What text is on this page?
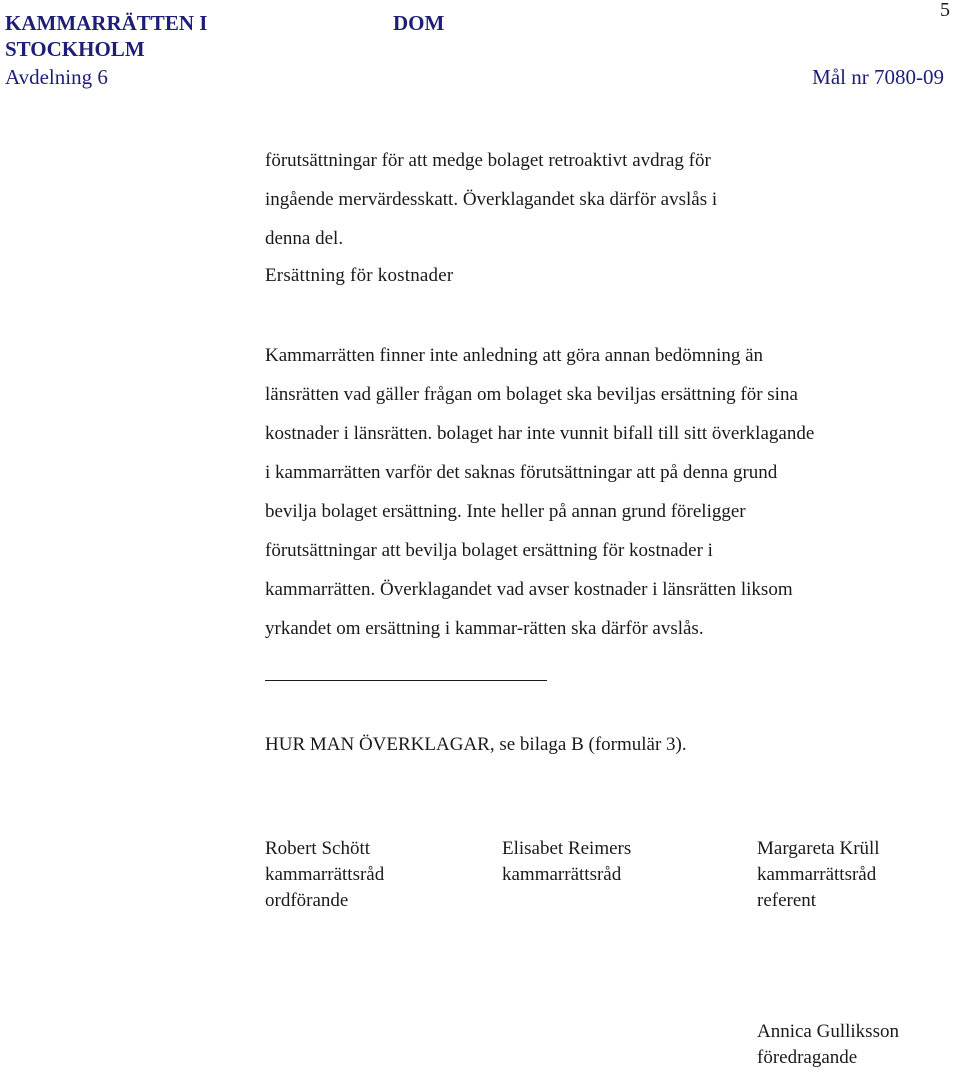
KAMMARRÄTTEN I
STOCKHOLM
DOM
5
Avdelning 6	Mål nr 7080-09
förutsättningar för att medge bolaget retroaktivt avdrag för
ingående mervärdesskatt. Överklagandet ska därför avslås i
denna del.
Ersättning för kostnader
Kammarrätten finner inte anledning att göra annan bedömning än
länsrätten vad gäller frågan om bolaget ska beviljas ersättning för sina
kostnader i länsrätten. bolaget har inte vunnit bifall till sitt överklagande
i kammarrätten varför det saknas förutsättningar att på denna grund
bevilja bolaget ersättning. Inte heller på annan grund föreligger
förutsättningar att bevilja bolaget ersättning för kostnader i
kammarrätten. Överklagandet vad avser kostnader i länsrätten liksom
yrkandet om ersättning i kammar-rätten ska därför avslås.
HUR MAN ÖVERKLAGAR, se bilaga B (formulär 3).
Robert Schött
kammarrättsråd
ordförande
Elisabet Reimers
kammarrättsråd
Margareta Krüll
kammarrättsråd
referent
Annica Gulliksson
föredragande
